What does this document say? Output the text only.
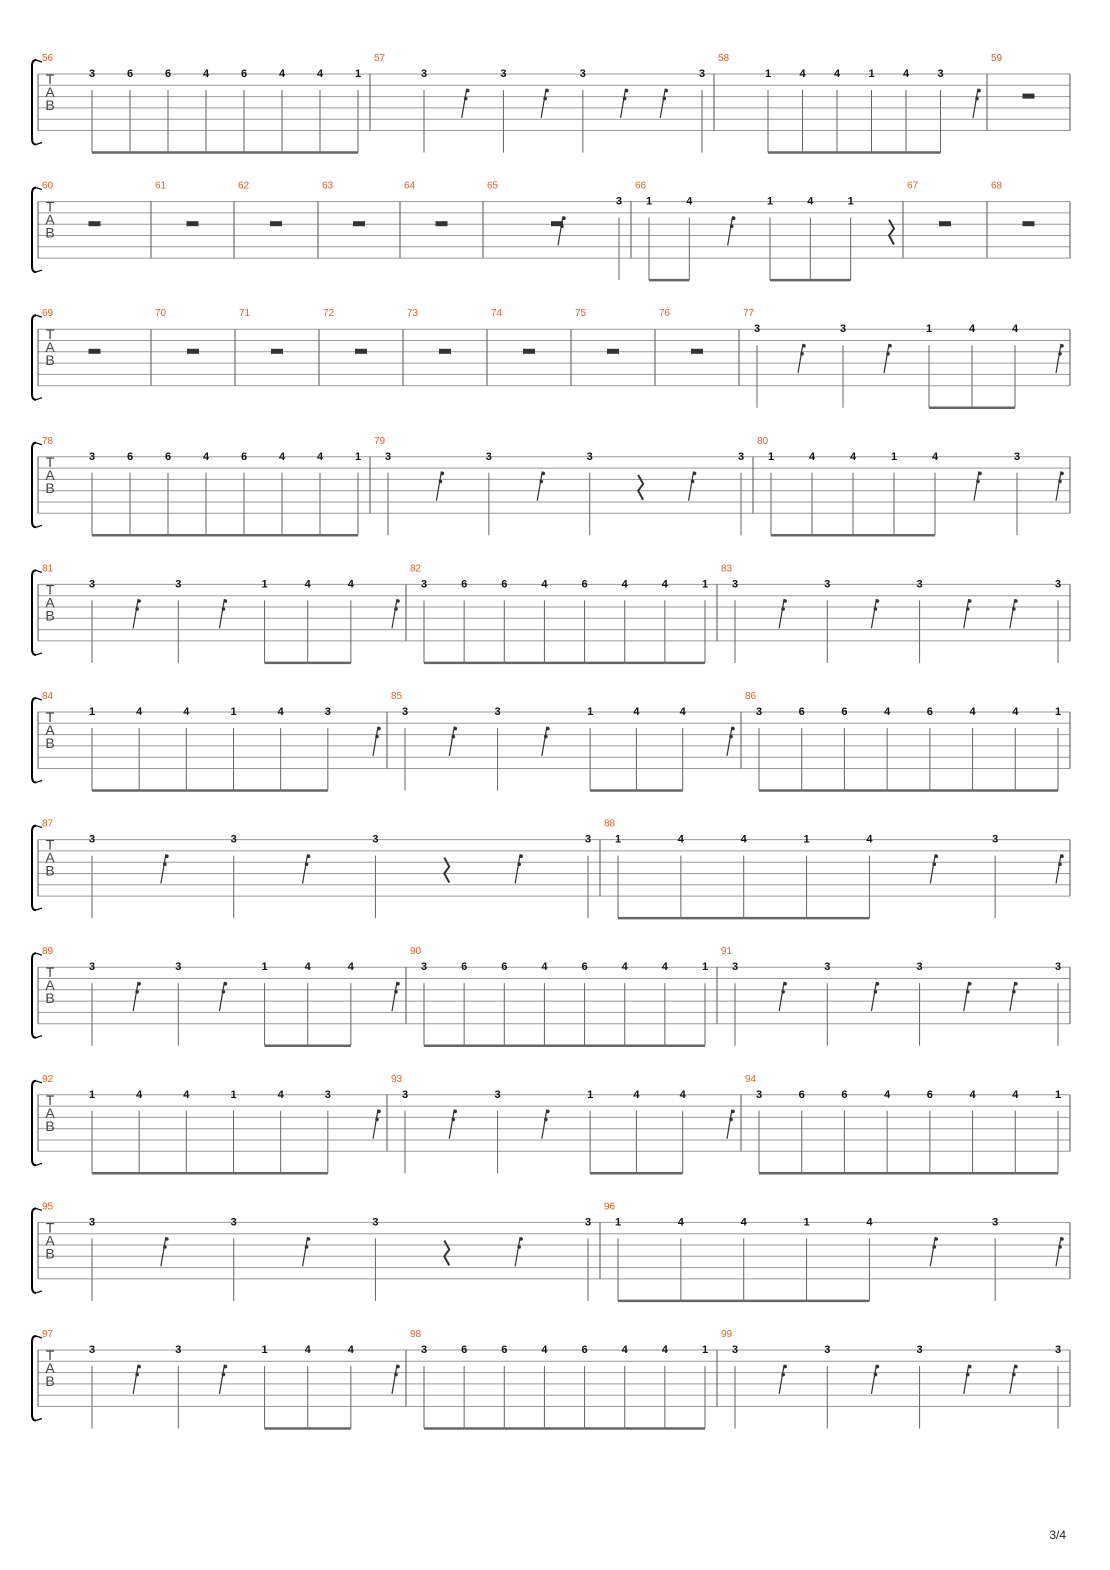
T
A
B
56
3	6	6	4	6	4	4	1
57
3	3	3	3
58
1	4	4	1	4	3
59
T
A
B
60	61	62	63	64	65
3
66
1	4	1	4	1
67	68
T
A
B
69	70	71	72	73	74	75	76	77
3	3	1	4	4
T
A
B
78
3	6	6	4	6	4	4	1
79
3	3	3	3
80
1	4	4	1	4	3
T
A
B
81
3	3	1	4	4
82
3	6	6	4	6	4	4	1
83
3	3	3	3
T
A
B
84
1	4	4	1	4	3
85
3	3	1	4	4
86
3	6	6	4	6	4	4	1
T
A
B
87
3	3	3	3
88
1	4	4	1	4	3
T
A
B
89
3	3	1	4	4
90
3	6	6	4	6	4	4	1
91
3	3	3	3
T
A
B
92
1	4	4	1	4	3
93
3	3	1	4	4
94
3	6	6	4	6	4	4	1
T
A
B
95
3	3	3	3
96
1	4	4	1	4	3
T
A
B
97
3	3	1	4	4
98
3	6	6	4	6	4	4	1
99
3	3	3	3
3/4
